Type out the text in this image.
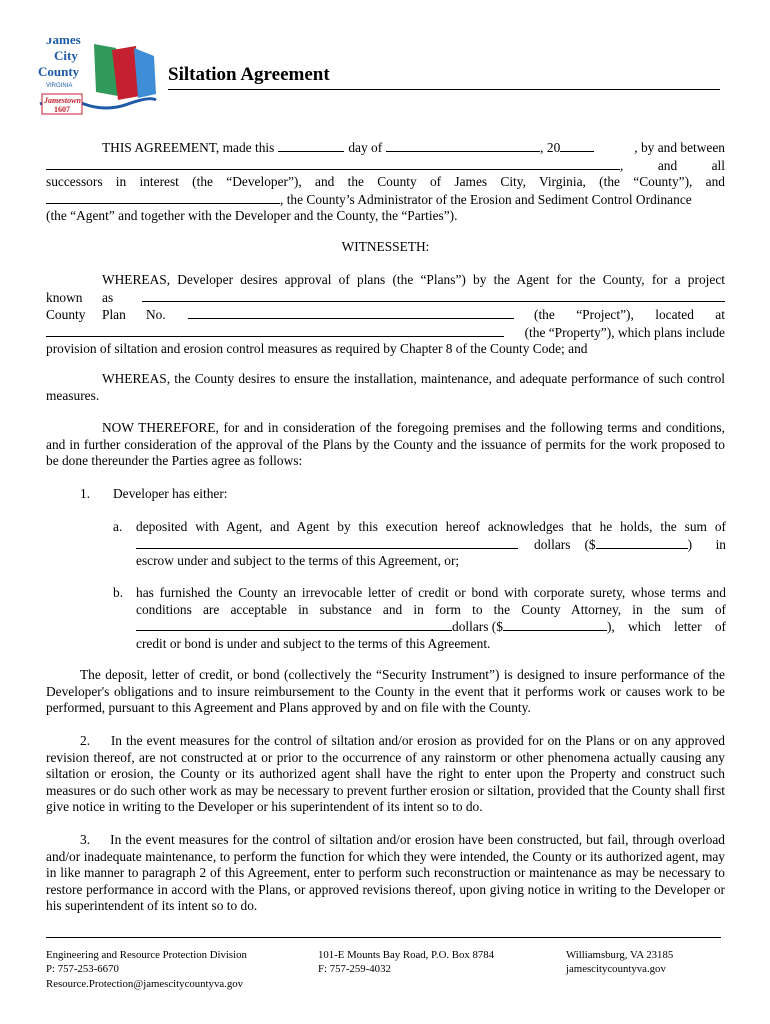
James
City
County
VIRGINIA
Jamestown
1607
Siltation Agreement
THIS AGREEMENT, made this	day of	, 20	, by and between
, and all
successors in interest (the “Developer”), and the County of James City, Virginia, (the “County”), and
, the County’s Administrator of the Erosion and Sediment Control Ordinance
(the “Agent” and together with the Developer and the County, the “Parties”).
WITNESSETH:
WHEREAS, Developer desires approval of plans (the “Plans”) by the Agent for the County, for a project
known	as
County	Plan	No.	(the “Project”), located at
(the “Property”), which plans include
provision of siltation and erosion control measures as required by Chapter 8 of the County Code; and
WHEREAS, the County desires to ensure the installation, maintenance, and adequate performance of such control measures.
NOW THEREFORE, for and in consideration of the foregoing premises and the following terms and conditions, and in further consideration of the approval of the Plans by the County and the issuance of permits for the work proposed to be done thereunder the Parties agree as follows:
1. Developer has either:
a. deposited with Agent, and Agent by this execution hereof acknowledges that he holds, the sum of
dollars ($	)	in
escrow under and subject to the terms of this Agreement, or;
b. has furnished the County an irrevocable letter of credit or bond with corporate surety, whose terms and
conditions are acceptable in substance and in form to the County Attorney, in the sum of
dollars ($	), which letter of
credit or bond is under and subject to the terms of this Agreement.
The deposit, letter of credit, or bond (collectively the “Security Instrument”) is designed to insure performance of the Developer's obligations and to insure reimbursement to the County in the event that it performs work or causes work to be performed, pursuant to this Agreement and Plans approved by and on file with the County.
2. In the event measures for the control of siltation and/or erosion as provided for on the Plans or on any approved revision thereof, are not constructed at or prior to the occurrence of any rainstorm or other phenomena actually causing any siltation or erosion, the County or its authorized agent shall have the right to enter upon the Property and construct such measures or do such other work as may be necessary to prevent further erosion or siltation, provided that the County shall first give notice in writing to the Developer or his superintendent of its intent so to do.
3. In the event measures for the control of siltation and/or erosion have been constructed, but fail, through overload and/or inadequate maintenance, to perform the function for which they were intended, the County or its authorized agent, may in like manner to paragraph 2 of this Agreement, enter to perform such reconstruction or maintenance as may be necessary to restore performance in accord with the Plans, or approved revisions thereof, upon giving notice in writing to the Developer or his superintendent of its intent so to do.
Engineering and Resource Protection Division
P: 757-253-6670
Resource.Protection@jamescitycountyva.gov
101-E Mounts Bay Road, P.O. Box 8784
F: 757-259-4032
Williamsburg, VA 23185
jamescitycountyva.gov
